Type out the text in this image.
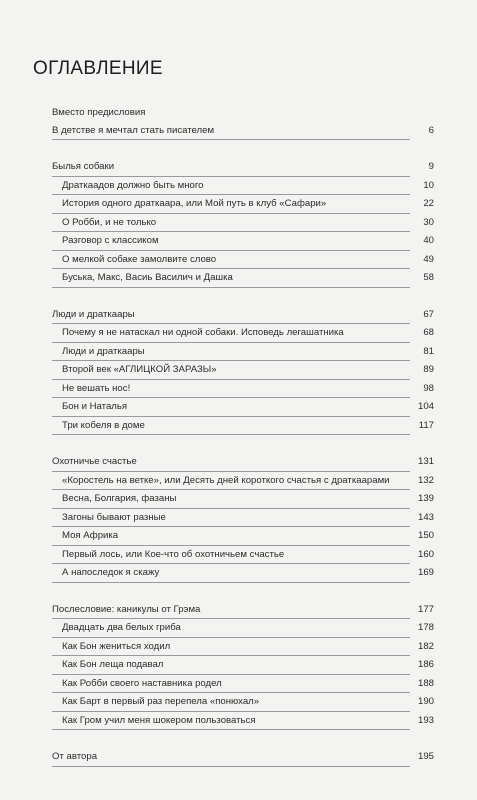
ОГЛАВЛЕНИЕ
Вместо предисловия
В детстве я мечтал стать писателем	6
Былья собаки	9
Драткаадов должно быть много	10
История одного драткаара, или Мой путь в клуб «Сафари»	22
О Робби, и не только	30
Разговор с классиком	40
О мелкой собаке замолвите слово	49
Буська, Макс, Васиь Василич и Дашка	58
Люди и драткаары	67
Почему я не натаскал ни одной собаки. Исповедь легашатника	68
Люди и драткаары	81
Второй век «АГЛИЦКОЙ ЗАРАЗЫ»	89
Не вешать нос!	98
Бон и Наталья	104
Три кобеля в доме	117
Охотничье счастье	131
«Коростель на ветке», или Десять дней короткого счастья с драткаарами	132
Весна, Болгария, фазаны	139
Загоны бывают разные	143
Моя Африка	150
Первый лось, или Кое-что об охотничьем счастье	160
А напоследок я скажу	169
Послесловие: каникулы от Грэма	177
Двадцать два белых гриба	178
Как Бон жениться ходил	182
Как Бон леща подавал	186
Как Робби своего наставника родел	188
Как Барт в первый раз перепела «понюхал»	190
Как Гром учил меня шокером пользоваться	193
От автора	195
